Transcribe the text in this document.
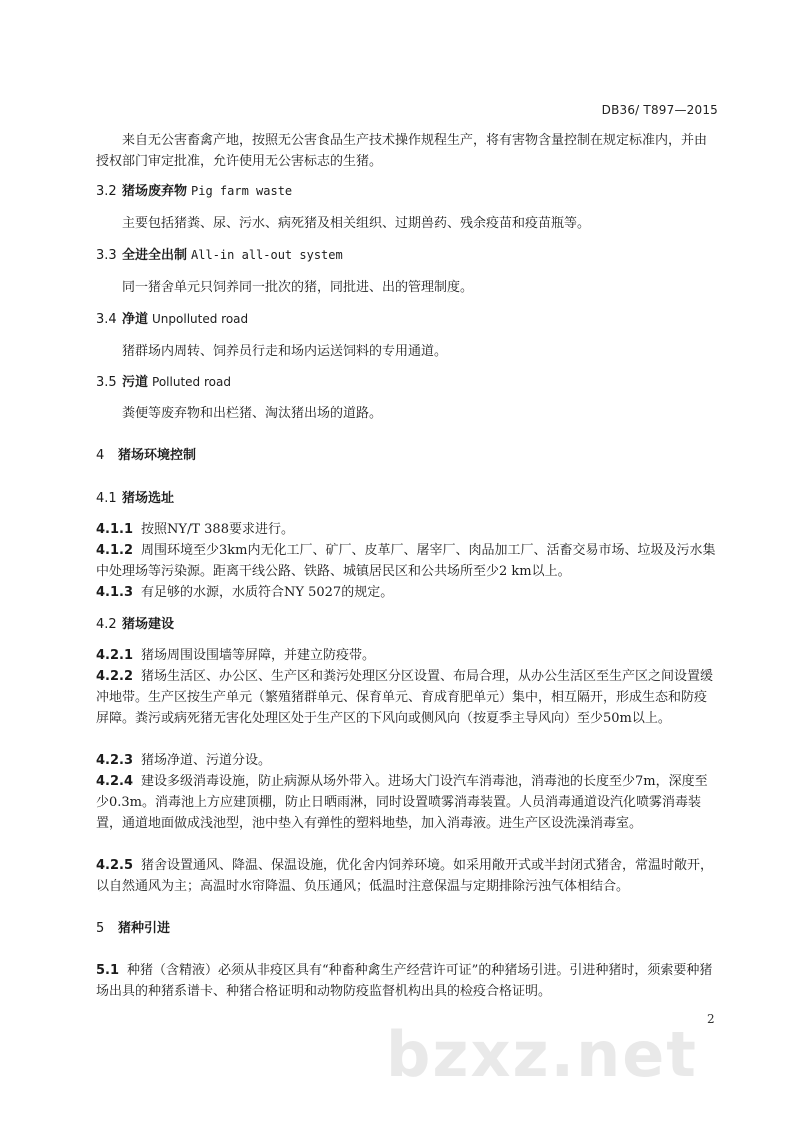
DB36/ T897—2015
来自无公害畜禽产地，按照无公害食品生产技术操作规程生产，将有害物含量控制在规定标准内，并由授权部门审定批准，允许使用无公害标志的生猪。
3.2 猪场废弃物 Pig farm waste
主要包括猪粪、尿、污水、病死猪及相关组织、过期兽药、残余疫苗和疫苗瓶等。
3.3 全进全出制 All-in all-out system
同一猪舍单元只饲养同一批次的猪，同批进、出的管理制度。
3.4 净道 Unpolluted road
猪群场内周转、饲养员行走和场内运送饲料的专用通道。
3.5 污道 Polluted road
粪便等废弃物和出栏猪、淘汰猪出场的道路。
4 猪场环境控制
4.1 猪场选址
4.1.1 按照NY/T 388要求进行。
4.1.2 周围环境至少3km内无化工厂、矿厂、皮革厂、屠宰厂、肉品加工厂、活畜交易市场、垃圾及污水集中处理场等污染源。距离干线公路、铁路、城镇居民区和公共场所至少2 km以上。
4.1.3 有足够的水源，水质符合NY 5027的规定。
4.2 猪场建设
4.2.1 猪场周围设围墙等屏障，并建立防疫带。
4.2.2 猪场生活区、办公区、生产区和粪污处理区分区设置、布局合理，从办公生活区至生产区之间设置缓冲地带。生产区按生产单元（繁殖猪群单元、保育单元、育成育肥单元）集中，相互隔开，形成生态和防疫屏障。粪污或病死猪无害化处理区处于生产区的下风向或侧风向（按夏季主导风向）至少50m以上。
4.2.3 猪场净道、污道分设。
4.2.4 建设多级消毒设施，防止病源从场外带入。进场大门设汽车消毒池，消毒池的长度至少7m，深度至少0.3m。消毒池上方应建顶棚，防止日晒雨淋，同时设置喷雾消毒装置。人员消毒通道设汽化喷雾消毒装置，通道地面做成浅池型，池中垫入有弹性的塑料地垫，加入消毒液。进生产区设洗澡消毒室。
4.2.5 猪舍设置通风、降温、保温设施，优化舍内饲养环境。如采用敞开式或半封闭式猪舍，常温时敞开，以自然通风为主；高温时水帘降温、负压通风；低温时注意保温与定期排除污浊气体相结合。
5 猪种引进
5.1 种猪（含精液）必须从非疫区具有“种畜种禽生产经营许可证”的种猪场引进。引进种猪时，须索要种猪场出具的种猪系谱卡、种猪合格证明和动物防疫监督机构出具的检疫合格证明。
bzxz.net 2
